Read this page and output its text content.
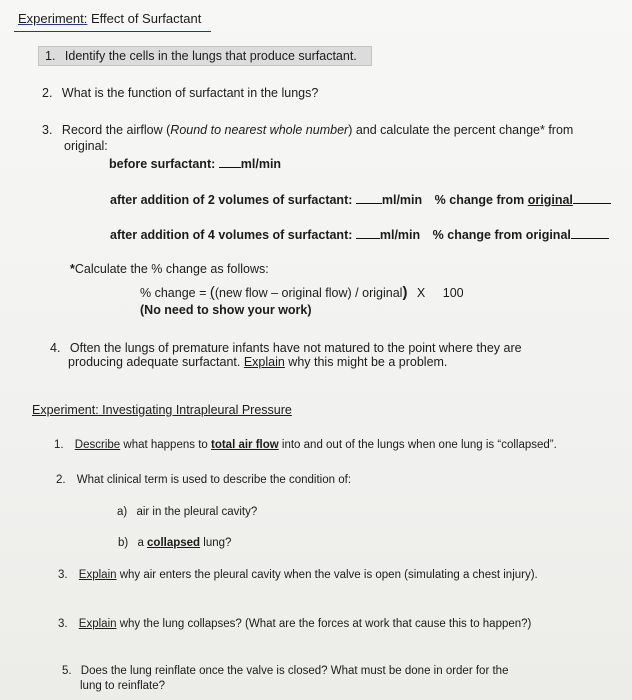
Experiment: Effect of Surfactant
1. Identify the cells in the lungs that produce surfactant.
2. What is the function of surfactant in the lungs?
3. Record the airflow (Round to nearest whole number) and calculate the percent change* from
original:
before surfactant: ml/min
after addition of 2 volumes of surfactant: ml/min % change from original
after addition of 4 volumes of surfactant: ml/min % change from original
*Calculate the % change as follows:
% change = ((new flow – original flow) / original) X 100
(No need to show your work)
4. Often the lungs of premature infants have not matured to the point where they are
producing adequate surfactant. Explain why this might be a problem.
Experiment: Investigating Intrapleural Pressure
1. Describe what happens to total air flow into and out of the lungs when one lung is “collapsed”.
2. What clinical term is used to describe the condition of:
a) air in the pleural cavity?
b) a collapsed lung?
3. Explain why air enters the pleural cavity when the valve is open (simulating a chest injury).
3. Explain why the lung collapses? (What are the forces at work that cause this to happen?)
5. Does the lung reinflate once the valve is closed? What must be done in order for the
lung to reinflate?
